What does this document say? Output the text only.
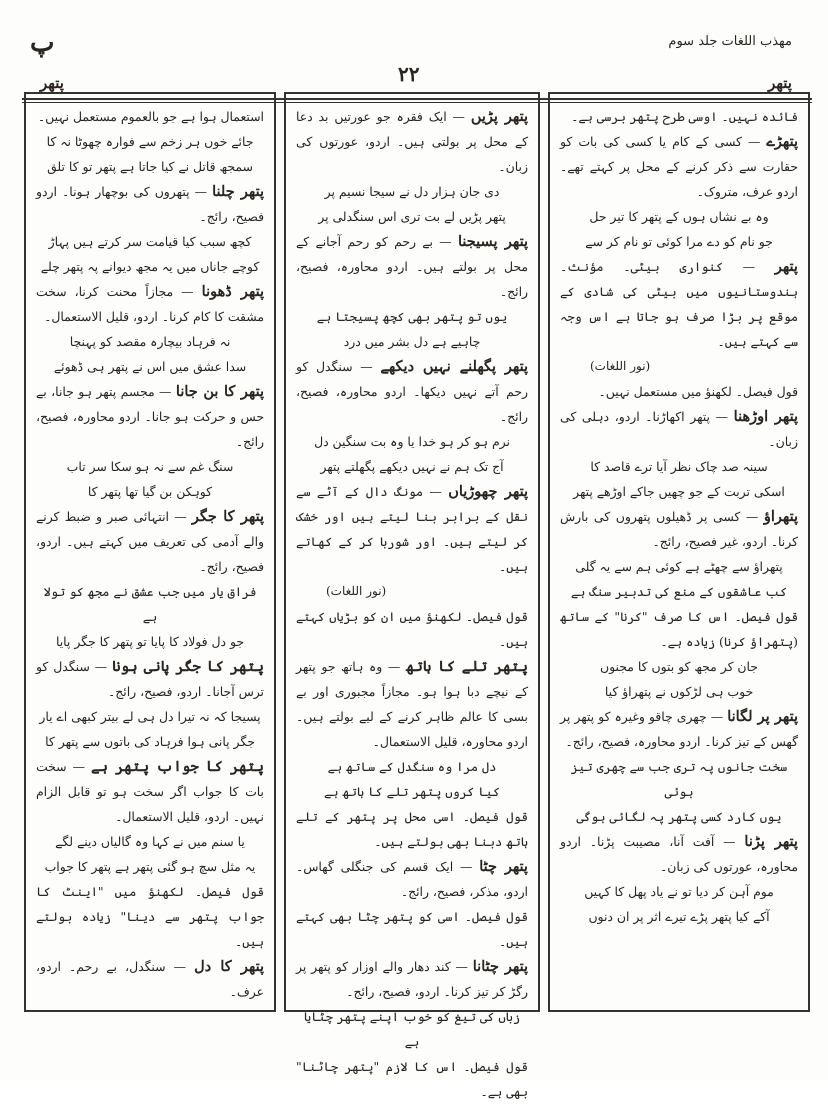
پ	مهذب اللغات جلد سوم
۲۲	پتھر
پتھر

فائدہ نہیں۔ اوسی طرح پتھر برسی ہے۔

پتھڑے — کسی کے کام یا کسی کی بات کو حقارت سے ذکر کرنے کے محل پر کہتے تھے۔ اردو عرف، متروک۔

وہ بے نشاں ہوں کے پتھر کا تیر حل

جو نام کو دے مرا کوئی تو نام کر سے

پتھر — کنواری بیٹی۔ مؤنث۔ ہندوستانیوں میں بیٹی کی شادی کے موقع پر بڑا صرف ہو جاتا ہے اس وجہ سے کہتے ہیں۔

(نور اللغات)

قول فیصل۔ لکھنؤ میں مستعمل نہیں۔

پتھر اوڑھنا — پتھر اکھاڑنا۔ اردو، دہلی کی زبان۔

سینہ صد چاک نظر آیا ترے قاصد کا

اسکی تربت کے جو چھیں جاکے اوڑھے پتھر

پتھراؤ — کسی پر ڈھیلوں پتھروں کی بارش کرنا۔ اردو، غیر فصیح، رائج۔

پتھراؤ سے چھٹے ہے کوئی ہم سے یہ گلی

کب عاشقوں کے منع کی تدبیر سنگ ہے

قول فیصل۔ اس کا صرف "کرنا" کے ساتھ (پتھراؤ کرنا) زیادہ ہے۔

جان کر مجھ کو بتوں کا مجنوں

خوب ہی لڑکوں نے پتھراؤ کیا

پتھر پر لگانا — چھری چاقو وغیرہ کو پتھر پر گھس کے تیز کرنا۔ اردو محاورہ، فصیح، رائج۔

سخت جانوں پہ تری جب سے چھری تیز ہوئی

یوں کارد کسی پتھر پہ لگائی ہوگی

پتھر پڑنا — آفت آنا، مصیبت پڑنا۔ اردو محاورہ، عورتوں کی زبان۔

موم آہن کر دیا تو نے یاد پھل کا کہیں

آکے کیا پتھر پڑے تیرے اثر پر ان دنوں

پتھر پڑیں — ایک فقرہ جو عورتیں بد دعا کے محل پر بولتی ہیں۔ اردو، عورتوں کی زبان۔

دی جان ہزار دل نے سیجا نسیم پر

پتھر پڑیں لے بت تری اس سنگدلی پر

پتھر پسیجنا — بے رحم کو رحم آجانے کے محل پر بولتے ہیں۔ اردو محاورہ، فصیح، رائج۔

یوں تو پتھر بھی کچھ پسیجتا ہے

چاہیے ہے دل بشر میں درد

پتھر پگھلنے نہیں دیکھے — سنگدل کو رحم آتے نہیں دیکھا۔ اردو محاورہ، فصیح، رائج۔

نرم ہو کر ہو خدا یا وہ بت سنگین دل

آج تک ہم نے نہیں دیکھے پگھلتے پتھر

پتھر چھوڑیاں — مونگ دال کے آٹے سے نقل کے برابر بنا لیتے ہیں اور خشک کر لیتے ہیں۔ اور شوربا کر کے کھاتے ہیں۔

(نور اللغات)

قول فیصل۔ لکھنؤ میں ان کو بڑیاں کہتے ہیں۔

پتھر تلے کا ہاتھ — وہ ہاتھ جو پتھر کے نیچے دبا ہوا ہو۔ مجازاً مجبوری اور بے بسی کا عالم ظاہر کرنے کے لیے بولتے ہیں۔ اردو محاورہ، قلیل الاستعمال۔

دل مرا وہ سنگدل کے ساتھ ہے

کیا کروں پتھر تلے کا ہاتھ ہے

قول فیصل۔ اسی محل پر پتھر کے تلے ہاتھ دبنا بھی بولتے ہیں۔

پتھر چٹا — ایک قسم کی جنگلی گھاس۔ اردو، مذکر، فصیح، رائج۔

قول فیصل۔ اسی کو پتھر چٹا بھی کہتے ہیں۔

پتھر چٹانا — کند دھار والے اوزار کو پتھر پر رگڑ کر تیز کرنا۔ اردو، فصیح، رائج۔

زباں کی تیغ کو خوب اپنے پتھر چٹایا ہے

قول فیصل۔ اس کا لازم "پتھر چاٹنا" بھی ہے۔

استعمال ہوا ہے جو بالعموم مستعمل نہیں۔

جائے خوں ہر زخم سے فوارہ چھوٹا نہ کا

سمجھ قاتل نے کیا جاتا ہے پتھر تو کا تلق

پتھر چلنا — پتھروں کی بوچھار ہونا۔ اردو فصیح، رائج۔

کچھ سبب کیا قیامت سر کرتے ہیں پہاڑ

کوچے جاناں میں یہ مجھ دیوانے پہ پتھر چلے

پتھر ڈھونا — مجازاً محنت کرنا، سخت مشقت کا کام کرنا۔ اردو، قلیل الاستعمال۔

نہ فرہاد بیچارہ مقصد کو پہنچا

سدا عشق میں اس نے پتھر ہی ڈھوئے

پتھر کا بن جانا — مجسم پتھر ہو جانا، بے حس و حرکت ہو جانا۔ اردو محاورہ، فصیح، رائج۔

سنگ غم سے نہ ہو سکا سر تاب

کوہکن بن گیا تھا پتھر کا

پتھر کا جگر — انتہائی صبر و ضبط کرنے والے آدمی کی تعریف میں کہتے ہیں۔ اردو، فصیح، رائج۔

فراق یار میں جب عشق نے مجھ کو تولا ہے

جو دل فولاد کا پایا تو پتھر کا جگر پایا

پتھر کا جگر پانی ہونا — سنگدل کو ترس آجانا۔ اردو، فصیح، رائج۔

پسیجا کہ نہ تیرا دل ہی لے بیتر کبھی اے یار

جگر پانی ہوا فرہاد کی باتوں سے پتھر کا

پتھر کا جواب پتھر ہے — سخت بات کا جواب اگر سخت ہو تو قابل الزام نہیں۔ اردو، قلیل الاستعمال۔

یا سنم میں نے کہا وہ گالیاں دینے لگے

یہ مثل سچ ہو گئی پتھر ہے پتھر کا جواب

قول فیصل۔ لکھنؤ میں "اینٹ کا جواب پتھر سے دینا" زیادہ بولتے ہیں۔

پتھر کا دل — سنگدل، بے رحم۔ اردو، عرف۔
